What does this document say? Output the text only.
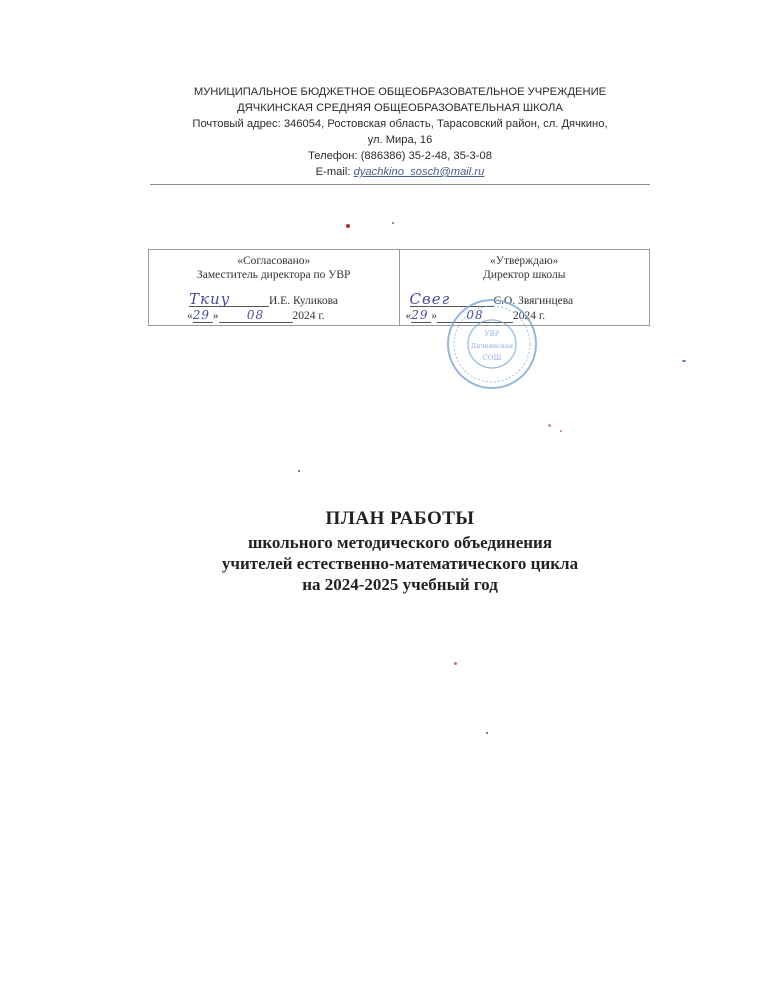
МУНИЦИПАЛЬНОЕ БЮДЖЕТНОЕ ОБЩЕОБРАЗОВАТЕЛЬНОЕ УЧРЕЖДЕНИЕ
ДЯЧКИНСКАЯ СРЕДНЯЯ ОБЩЕОБРАЗОВАТЕЛЬНАЯ ШКОЛА
Почтовый адрес: 346054, Ростовская область, Тарасовский район, сл. Дячкино,
ул. Мира, 16
Телефон: (886386) 35-2-48, 35-3-08
E-mail: dyachkino_sosch@mail.ru
«Согласовано»
Заместитель директора по УВР
Ткиу	И.Е. Куликова
« 29 »	08	2024 г.
«Утверждаю»
Директор школы
Свег	С.О. Звягинцева
« 29 »	08	2024 г.
УВР
Дячкинская
СОШ
ПЛАН РАБОТЫ
школьного методического объединения
учителей естественно-математического цикла
на 2024-2025 учебный год
